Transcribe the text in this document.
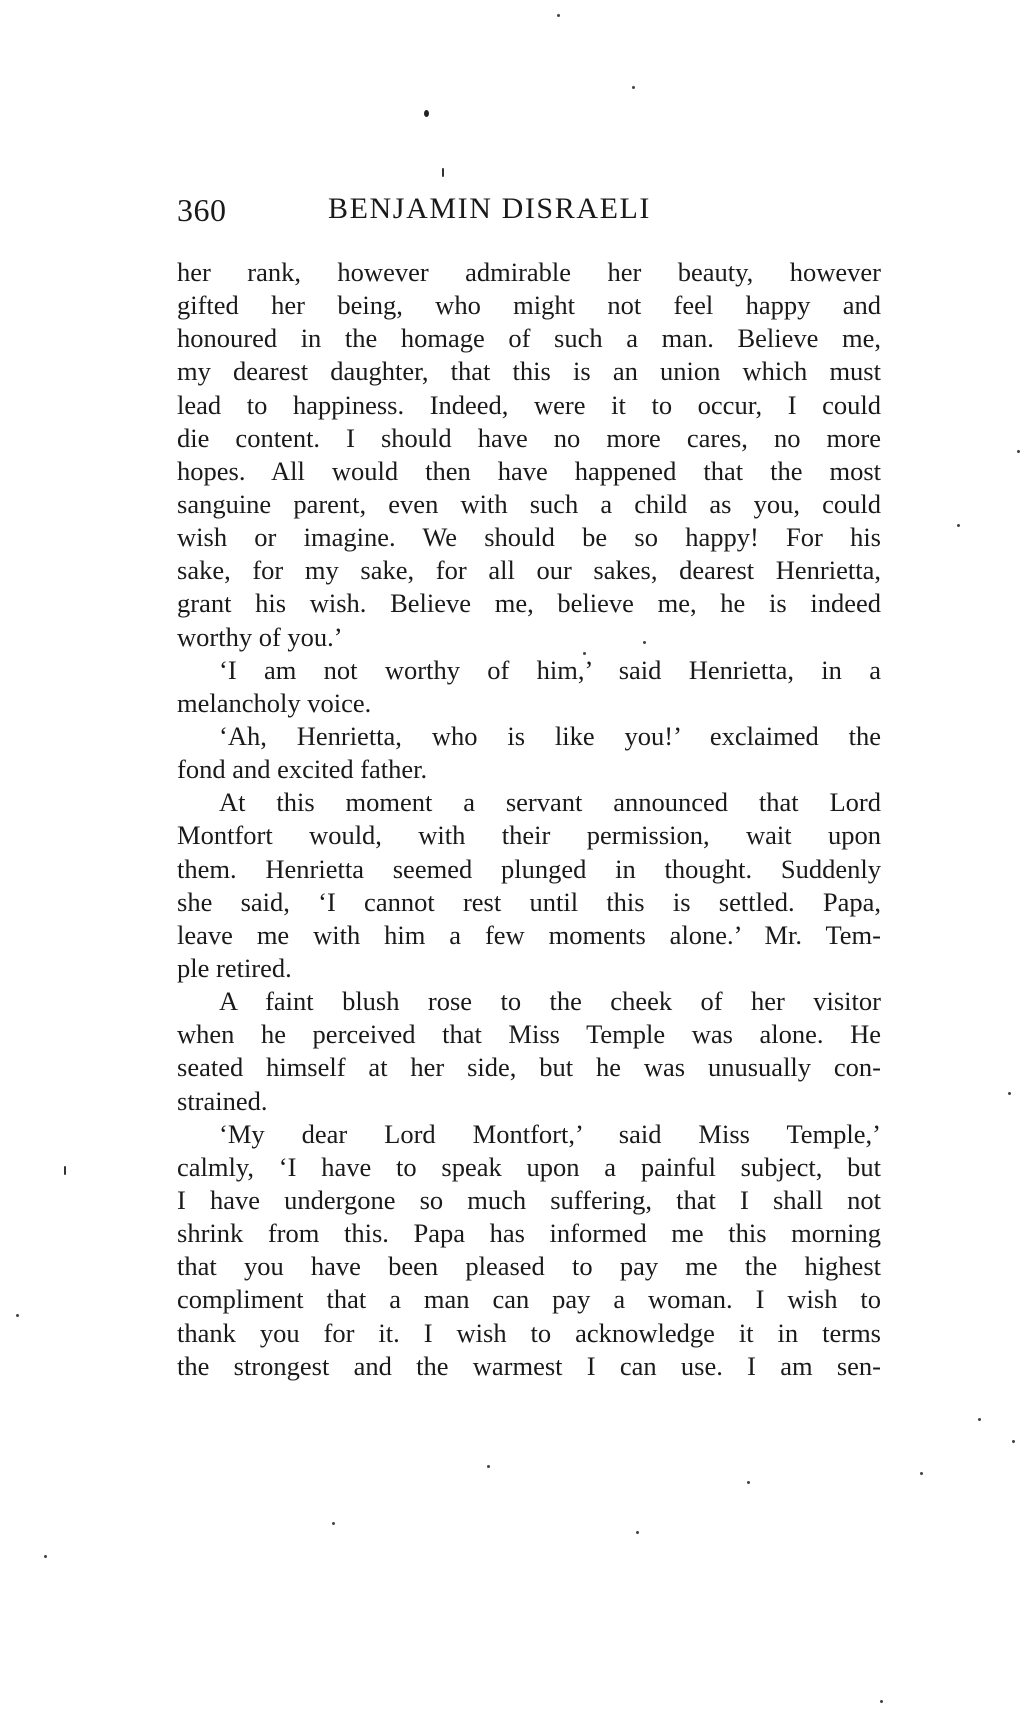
360	BENJAMIN DISRAELI
her rank, however admirable her beauty, however
gifted her being, who might not feel happy and
honoured in the homage of such a man. Believe me,
my dearest daughter, that this is an union which must
lead to happiness. Indeed, were it to occur, I could
die content. I should have no more cares, no more
hopes. All would then have happened that the most
sanguine parent, even with such a child as you, could
wish or imagine. We should be so happy! For his
sake, for my sake, for all our sakes, dearest Henrietta,
grant his wish. Believe me, believe me, he is indeed
worthy of you.’
‘I am not worthy of him,’ said Henrietta, in a
melancholy voice.
‘Ah, Henrietta, who is like you!’ exclaimed the
fond and excited father.
At this moment a servant announced that Lord
Montfort would, with their permission, wait upon
them. Henrietta seemed plunged in thought. Suddenly
she said, ‘I cannot rest until this is settled. Papa,
leave me with him a few moments alone.’ Mr. Tem-
ple retired.
A faint blush rose to the cheek of her visitor
when he perceived that Miss Temple was alone. He
seated himself at her side, but he was unusually con-
strained.
‘My dear Lord Montfort,’ said Miss Temple,’
calmly, ‘I have to speak upon a painful subject, but
I have undergone so much suffering, that I shall not
shrink from this. Papa has informed me this morning
that you have been pleased to pay me the highest
compliment that a man can pay a woman. I wish to
thank you for it. I wish to acknowledge it in terms
the strongest and the warmest I can use. I am sen-
